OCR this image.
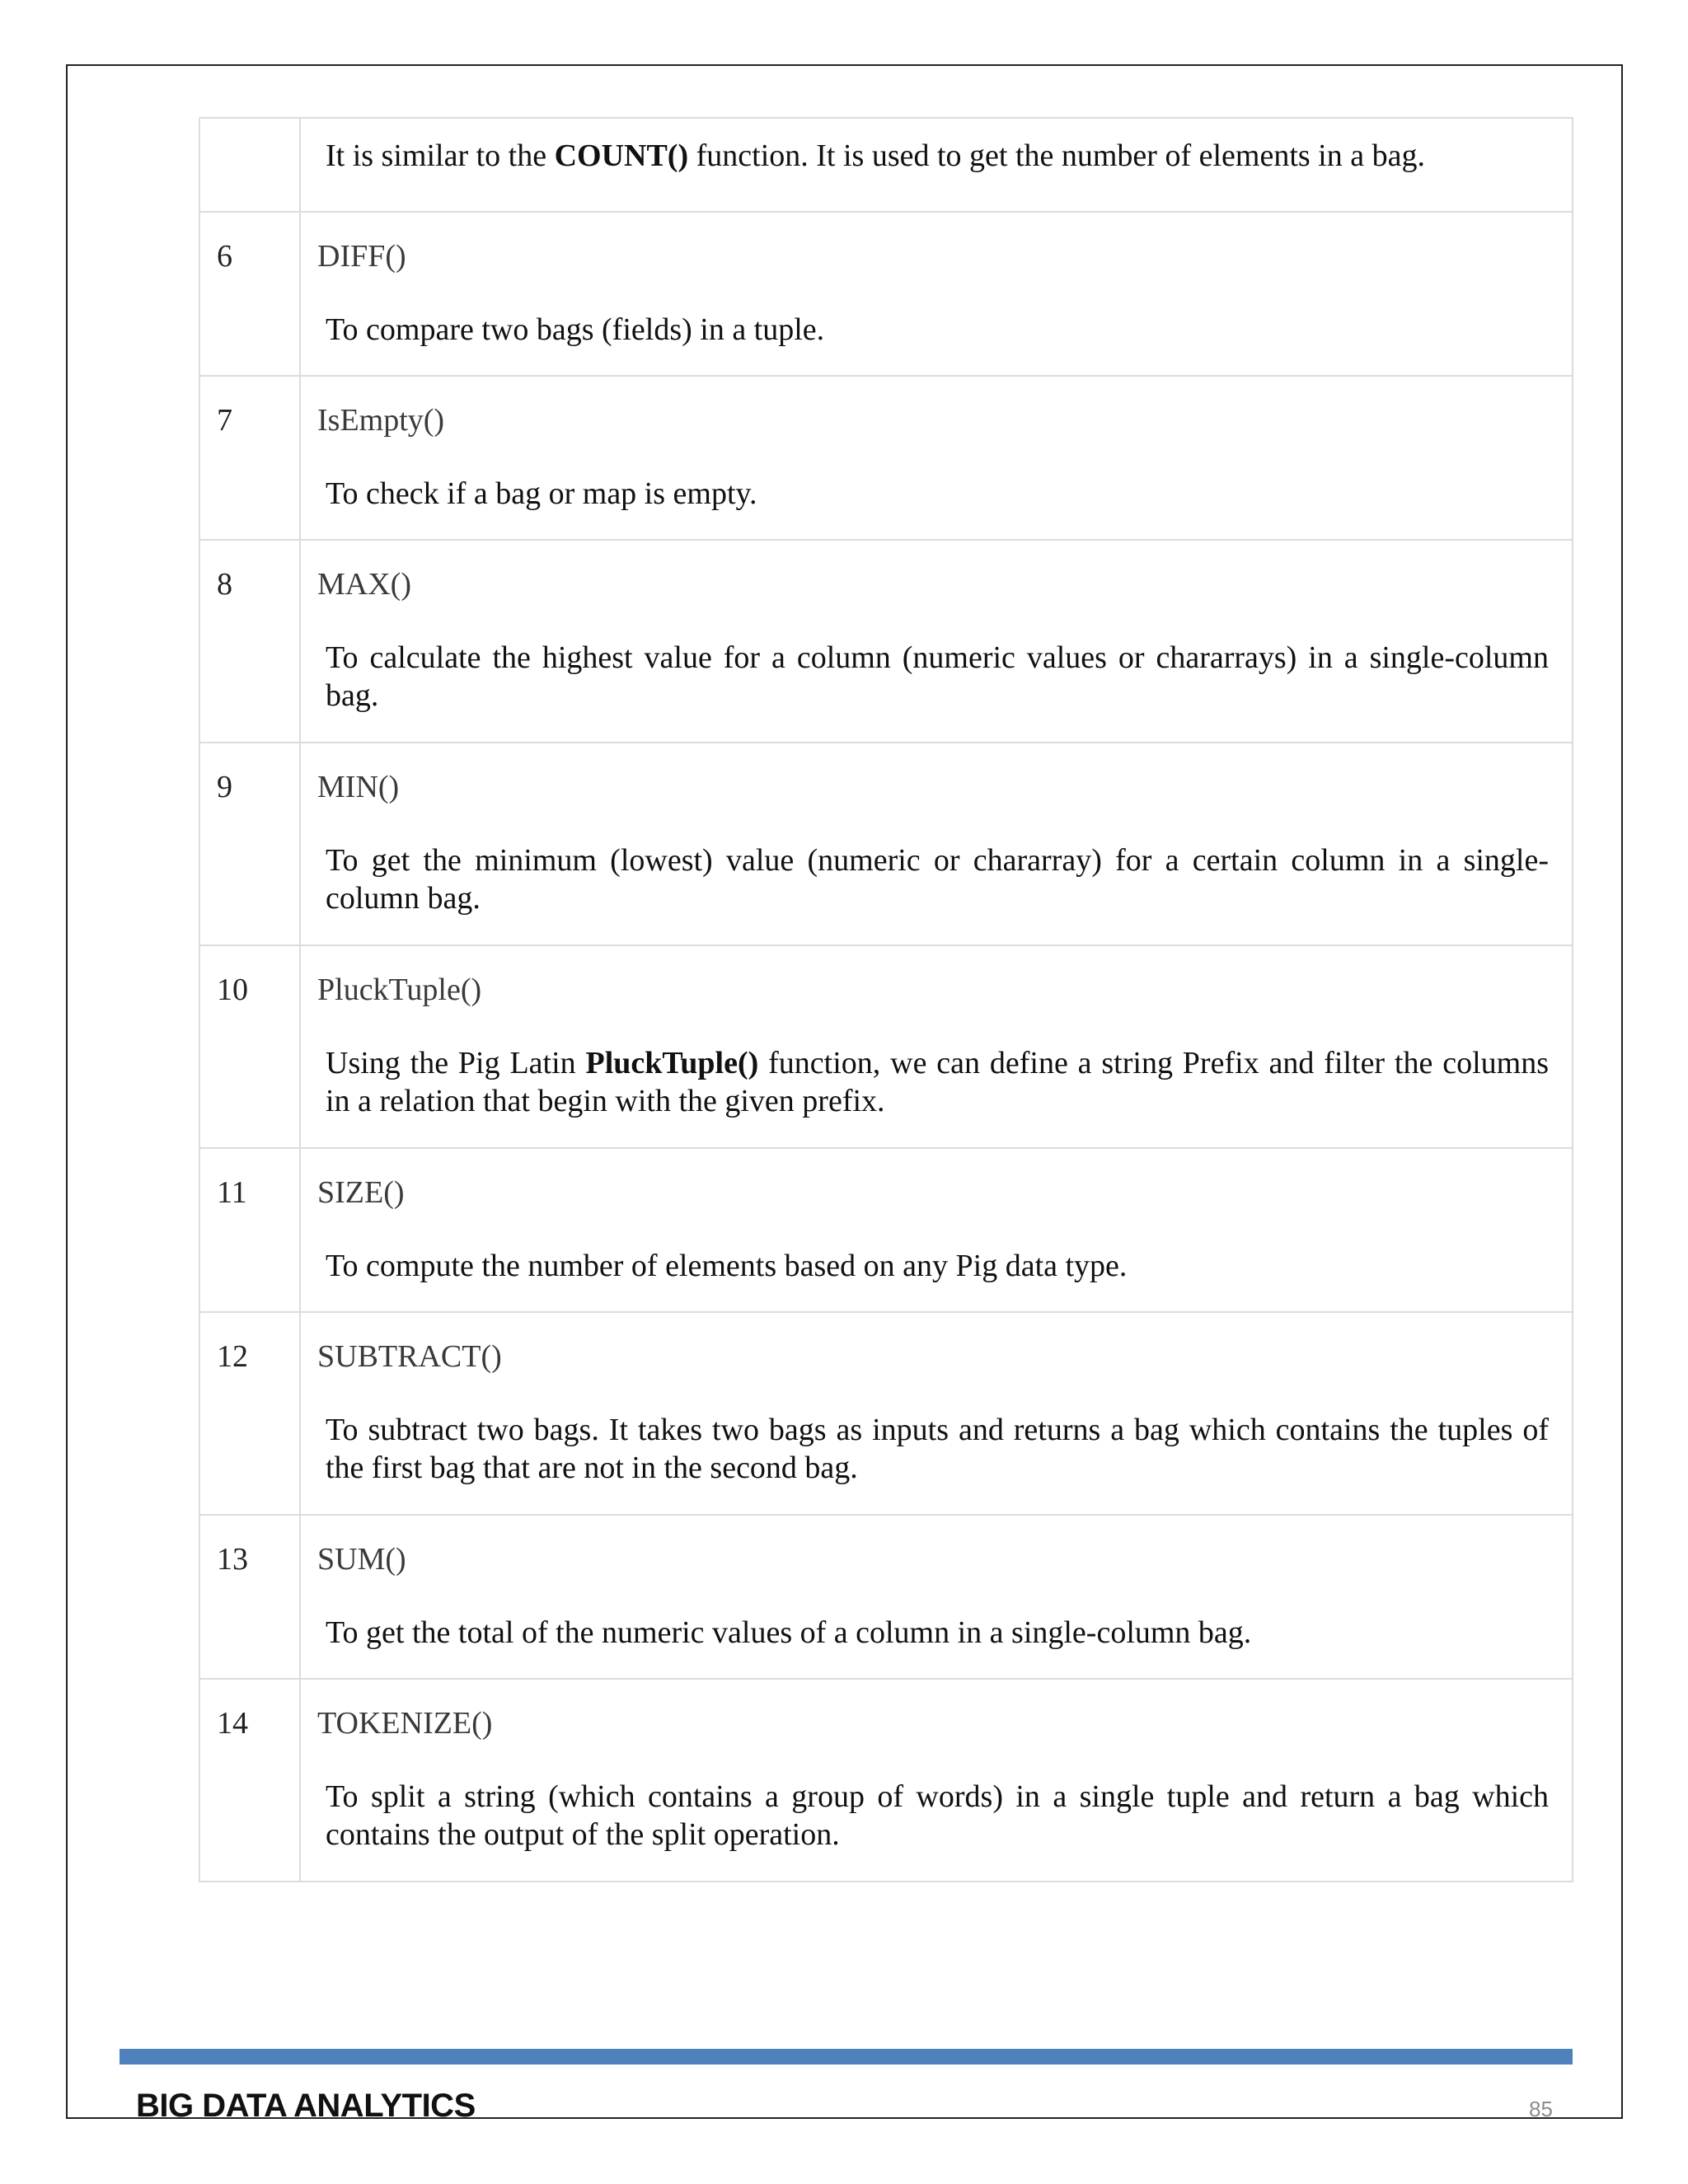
	It is similar to the COUNT() function. It is used to get the number of elements in a bag.

6	DIFF()
To compare two bags (fields) in a tuple.

7	IsEmpty()
To check if a bag or map is empty.

8	MAX()
To calculate the highest value for a column (numeric values or chararrays) in a single-column bag.

9	MIN()
To get the minimum (lowest) value (numeric or chararray) for a certain column in a single-column bag.

10	PluckTuple()
Using the Pig Latin PluckTuple() function, we can define a string Prefix and filter the columns in a relation that begin with the given prefix.

11	SIZE()
To compute the number of elements based on any Pig data type.

12	SUBTRACT()
To subtract two bags. It takes two bags as inputs and returns a bag which contains the tuples of the first bag that are not in the second bag.

13	SUM()
To get the total of the numeric values of a column in a single-column bag.

14	TOKENIZE()
To split a string (which contains a group of words) in a single tuple and return a bag which contains the output of the split operation.
BIG DATA ANALYTICS	85
